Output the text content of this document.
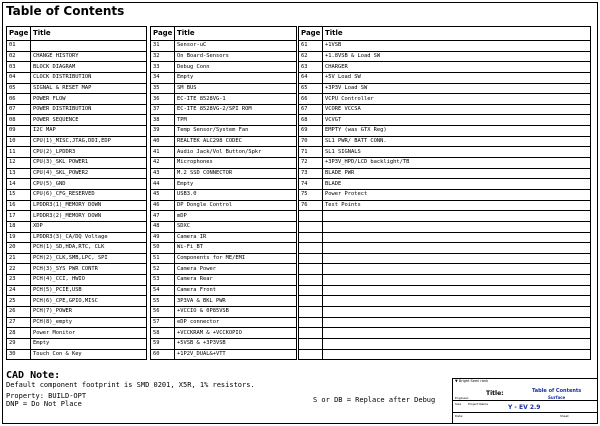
Table of Contents
Page	Title
01	
02	CHANGE HISTORY
03	BLOCK DIAGRAM
04	CLOCK DISTRIBUTION
05	SIGNAL & RESET MAP
06	POWER FLOW
07	POWER DISTRIBUTION
08	POWER SEQUENCE
09	I2C MAP
10	CPU(1)_MISC,JTAG,DDI,EDP
11	CPU(2)_LPDDR3
12	CPU(3)_SKL POWER1
13	CPU(4)_SKL_POWER2
14	CPU(5)_GND
15	CPU(6)_CFG_RESERVED
16	LPDDR3(1)_MEMORY DOWN
17	LPDDR3(2)_MEMORY DOWN
18	XDP
19	LPDDR3(3)_CA/DQ Voltage
20	PCH(1)_SD,HDA,RTC, CLK
21	PCH(2)_CLK,SMB,LPC, SPI
22	PCH(3)_SYS PWR CONTR
23	PCH(4)_CCI, HWIO
24	PCH(5)_PCIE,USB
25	PCH(6)_CPE,GPIO,MISC
26	PCH(7)_POWER
27	PCH(8)_empty
28	Power Monitor
29	Empty
30	Touch Con & Key
Page	Title
31	Sensor-uC
32	On Board-Sensors
33	Debug Conn
34	Empty
35	SM BUS
36	EC-ITE 8528VG-1
37	EC-ITE 8528VG-2/SPI ROM
38	TPM
39	Temp Sensor/System Fan
40	REALTEK ALC298 CODEC
41	Audio Jack/Vol Button/Spkr
42	Microphones
43	M.2 SSD CONNECTOR
44	Empty
45	USB3.0
46	DP Dongle Control
47	mDP
48	SDXC
49	Camera IR
50	Wi-Fi_BT
51	Components for ME/EMI
52	Camera Power
53	Camera Rear
54	Camera Front
55	3P3VA & BKL PWR
56	+VCCIO & 0P85VSB
57	eDP connector
58	+VCCKRAM & +VCCKOPIO
59	+5VSB & +3P3VSB
60	+1P2V_DUAL&+VTT
Page	Title
61	+1VSB
62	+1.8VSB & Load SW
63	CHARGER
64	+5V Load SW
65	+3P3V Load SW
66	VCPU Controller
67	VCORE VCCSA
68	VCVGT
69	EMPTY (was GTX Reg)
70	SL1 PWR/ BATT CONN.
71	SL1 SIGNALS
72	+3P3V_HPD/LCD backlight/TB
73	BLADE PWR
74	BLADE
75	Power Protect
76	Test Points

CAD Note:
Default component footprint is SMD 0201, X5R, 1% resistors.
Property: BUILD-OPT
DNP = Do Not Place	S or DB = Replace after Debug
▼ Bright Semi rank
Title:	Table of Contents
Surface
Engineer:
Size Project Name	Y - EV 2.9
Date:	Sheet
